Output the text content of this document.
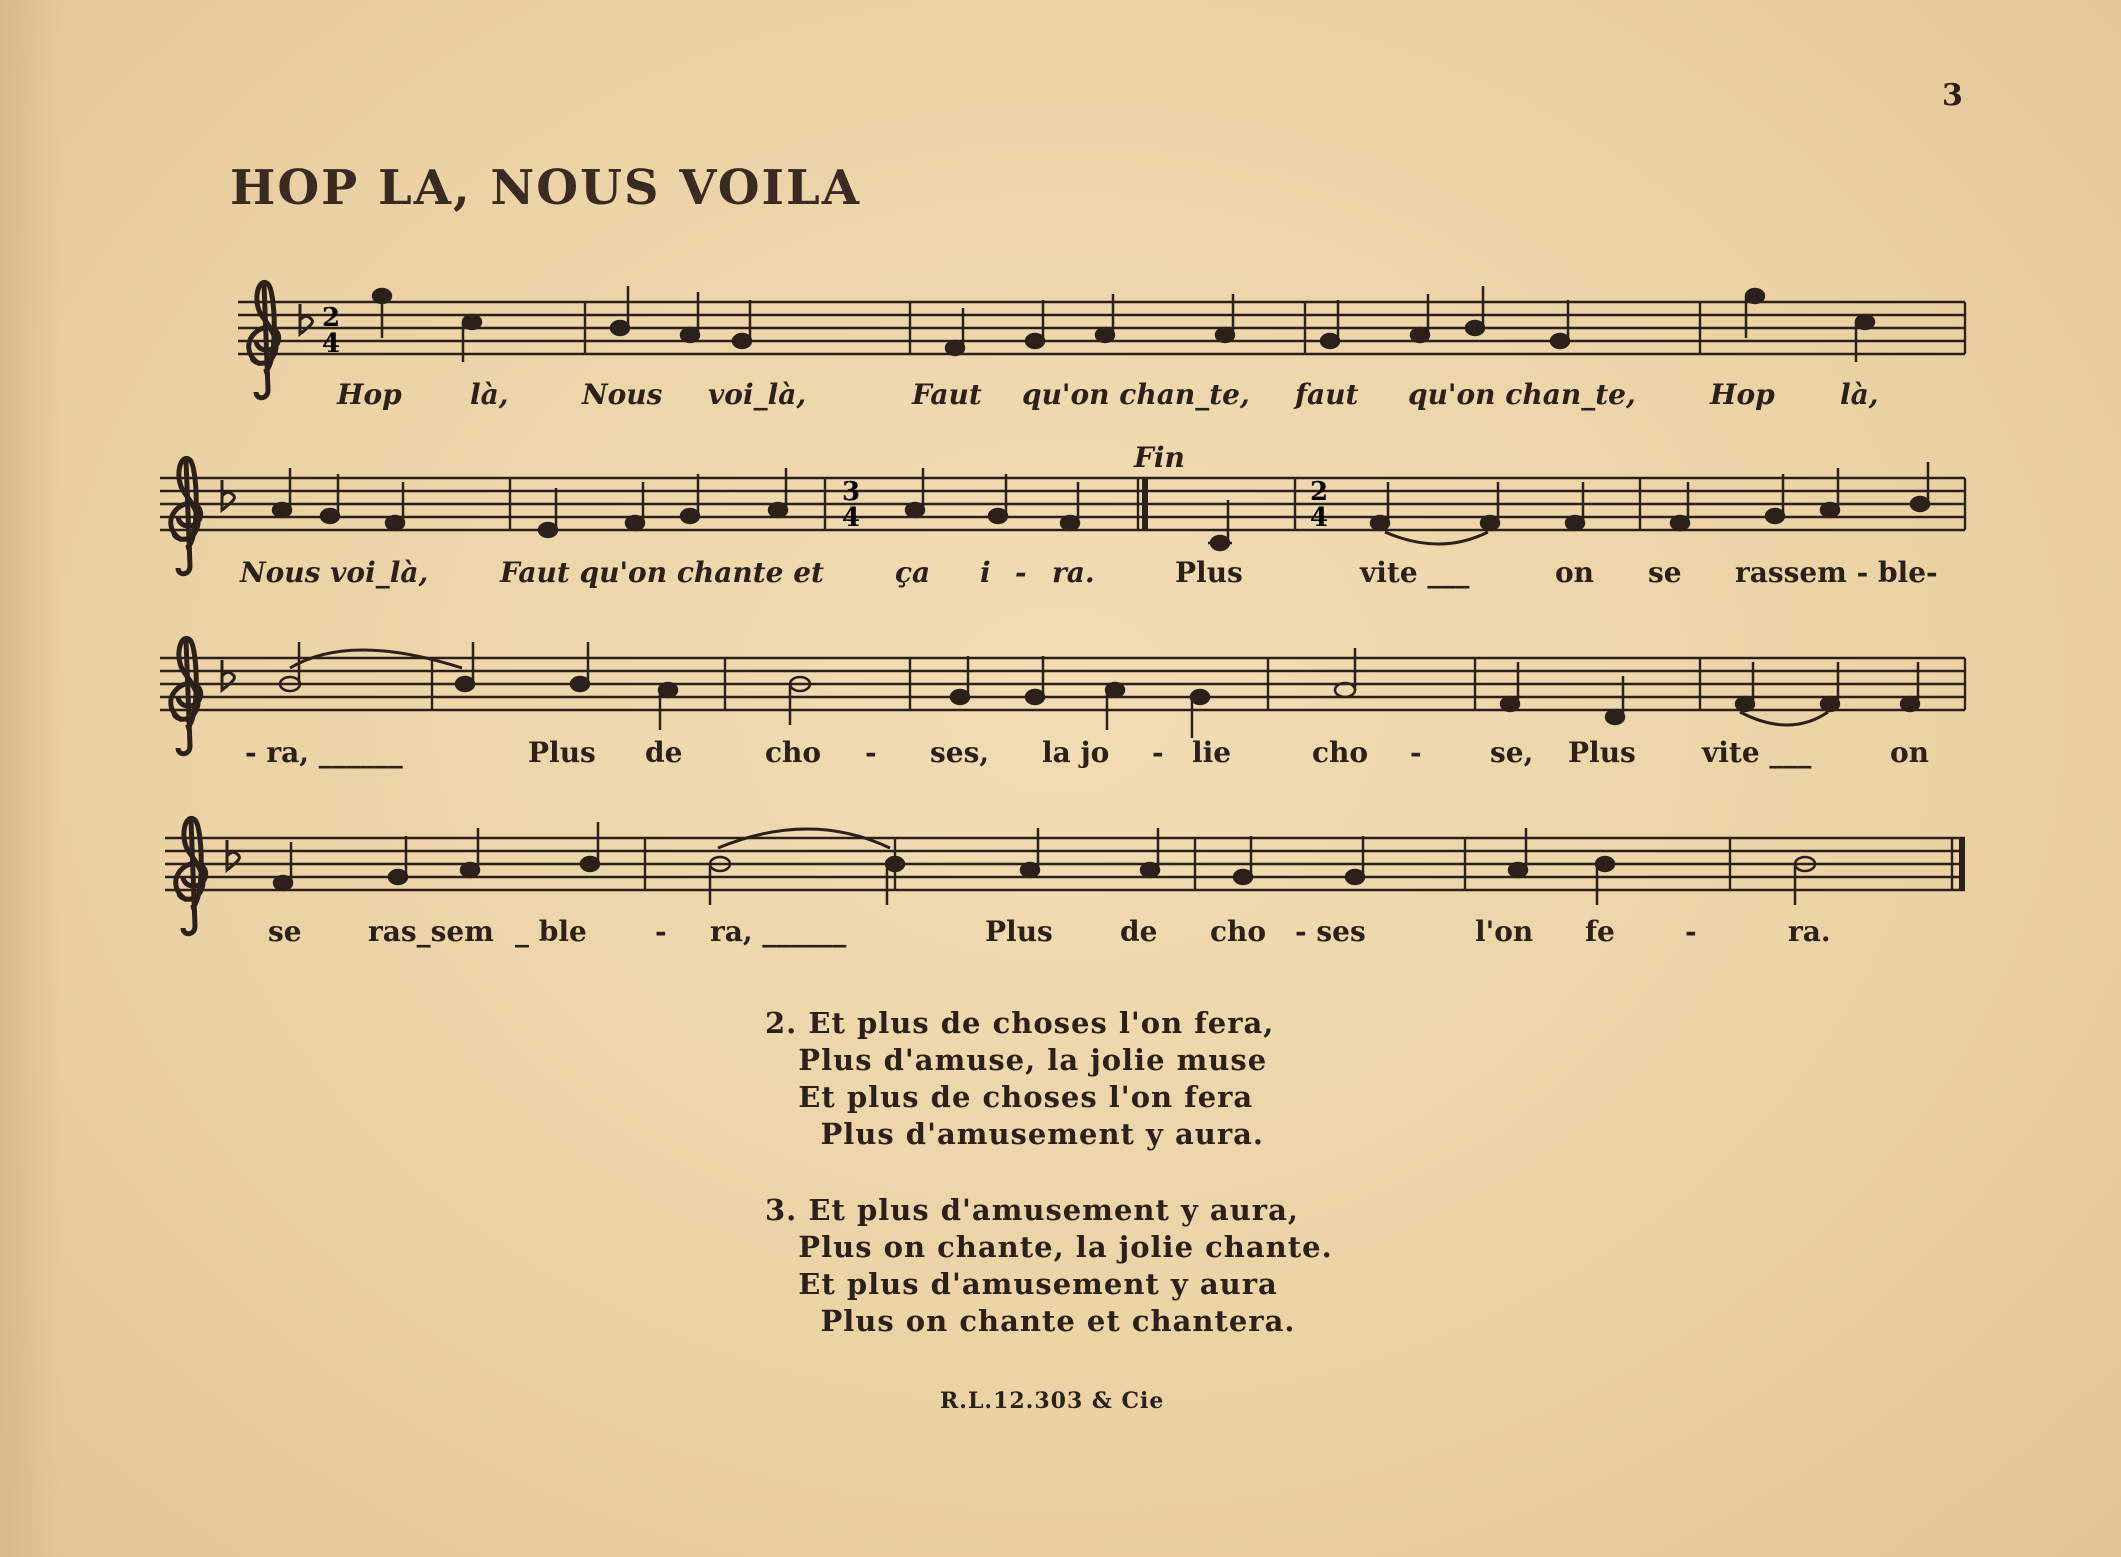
3
HOP LA, NOUS VOILA
2
4
3
4
2
4
Fin
Hop là,	Nous voi_là,	Faut qu'on chan_te, faut qu'on chan_te,	Hop là,
Nous voi_là,	Faut qu'on chante et	ça i - ra.	Plus	vite ___	on se rassem - ble-
- ra, ______	Plus de	cho - ses, la jo - lie	cho - se, Plus vite ___	on
se ras_sem _ ble - ra, ______	Plus de cho - ses	l'on fe	-	ra.
2. Et plus de choses l'on fera,
Plus d'amuse, la jolie muse
Et plus de choses l'on fera
Plus d'amusement y aura.
3. Et plus d'amusement y aura,
Plus on chante, la jolie chante.
Et plus d'amusement y aura
Plus on chante et chantera.
R.L.12.303 & Cie
